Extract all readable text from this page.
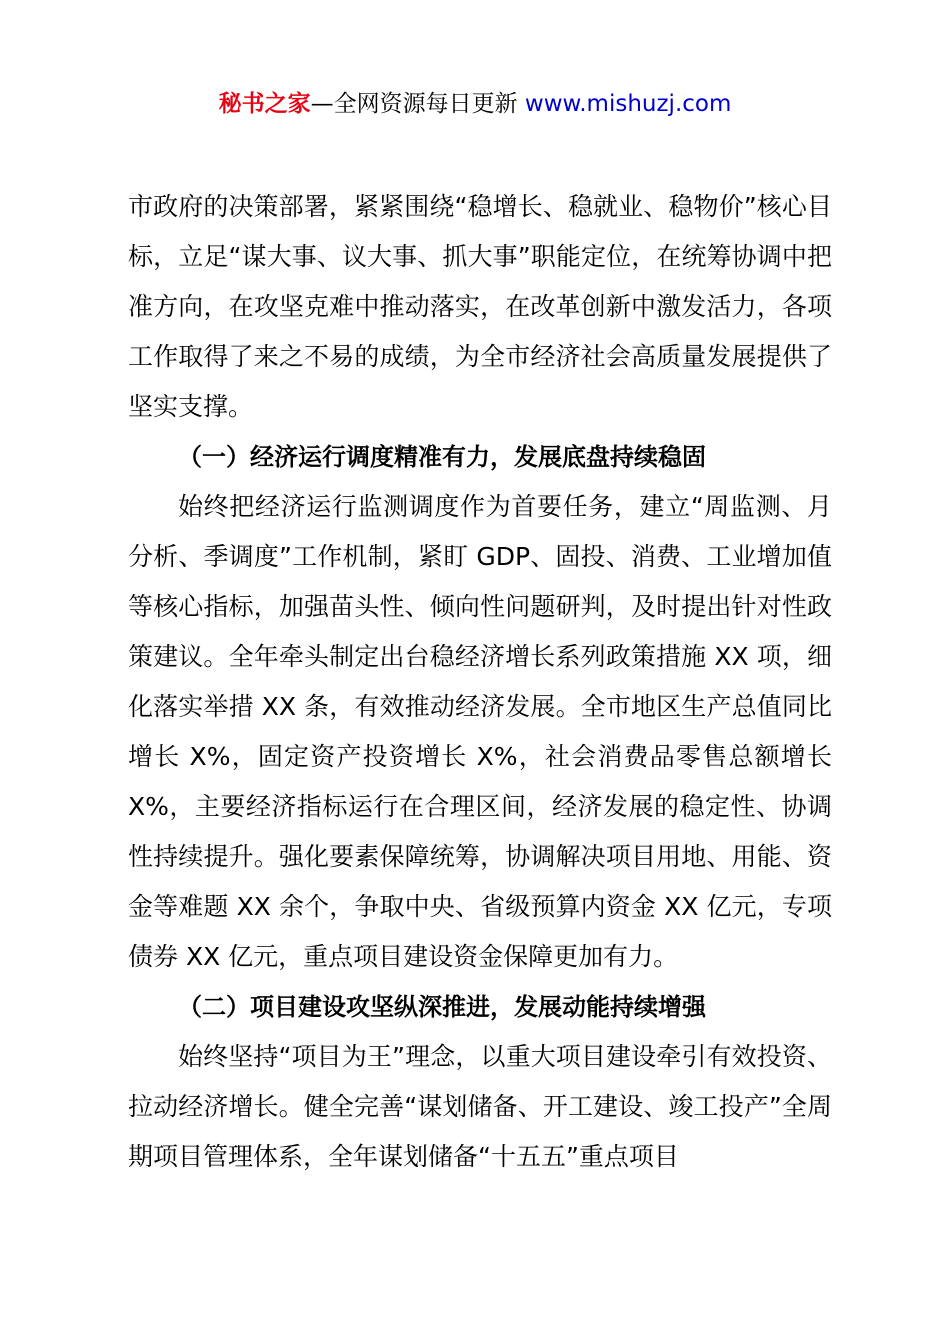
秘书之家—全网资源每日更新 www.mishuzj.com

市政府的决策部署，紧紧围绕“稳增长、稳就业、稳物价”核心目标，立足“谋大事、议大事、抓大事”职能定位，在统筹协调中把准方向，在攻坚克难中推动落实，在改革创新中激发活力，各项工作取得了来之不易的成绩，为全市经济社会高质量发展提供了坚实支撑。

（一）经济运行调度精准有力，发展底盘持续稳固

始终把经济运行监测调度作为首要任务，建立“周监测、月分析、季调度”工作机制，紧盯 GDP、固投、消费、工业增加值等核心指标，加强苗头性、倾向性问题研判，及时提出针对性政策建议。全年牵头制定出台稳经济增长系列政策措施 XX 项，细化落实举措 XX 条，有效推动经济发展。全市地区生产总值同比增长 X%，固定资产投资增长 X%，社会消费品零售总额增长 X%，主要经济指标运行在合理区间，经济发展的稳定性、协调性持续提升。强化要素保障统筹，协调解决项目用地、用能、资金等难题 XX 余个，争取中央、省级预算内资金 XX 亿元，专项债券 XX 亿元，重点项目建设资金保障更加有力。

（二）项目建设攻坚纵深推进，发展动能持续增强

始终坚持“项目为王”理念，以重大项目建设牵引有效投资、拉动经济增长。健全完善“谋划储备、开工建设、竣工投产”全周期项目管理体系，全年谋划储备“十五五”重点项目
